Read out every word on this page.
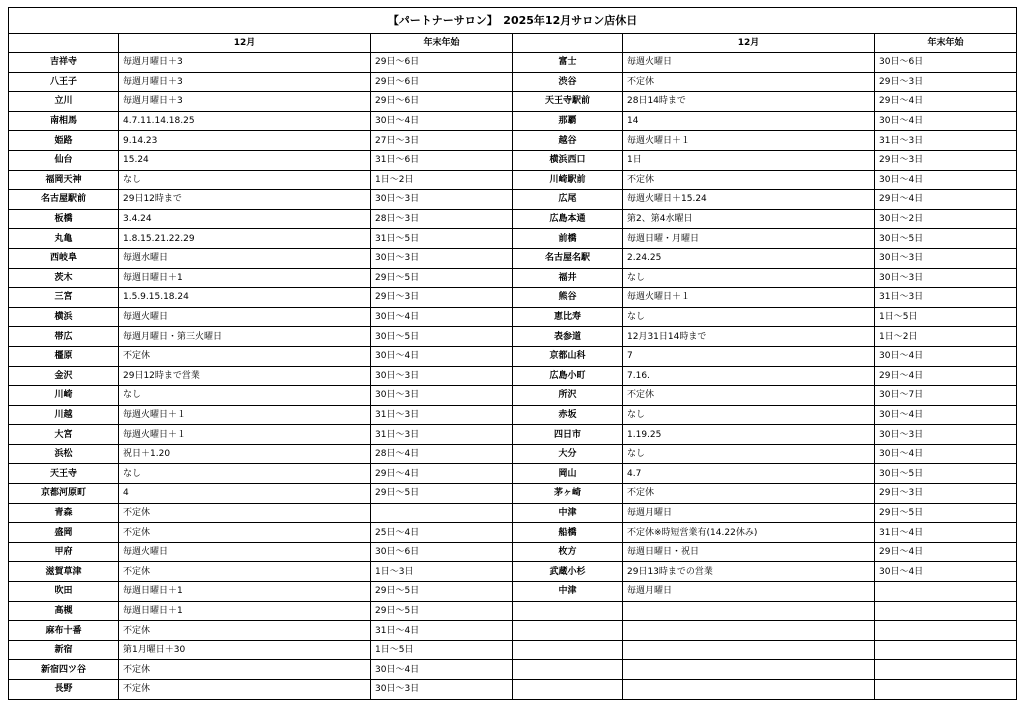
【パートナーサロン】　2025年12月サロン店休日					
	12月	年末年始		12月	年末年始
吉祥寺	毎週月曜日＋3	29日～6日	富士	毎週火曜日	30日～6日
八王子	毎週月曜日＋3	29日～6日	渋谷	不定休	29日～3日
立川	毎週月曜日＋3	29日～6日	天王寺駅前	28日14時まで	29日～4日
南相馬	4.7.11.14.18.25	30日～4日	那覇	14	30日～4日
姫路	9.14.23	27日～3日	越谷	毎週火曜日＋１	31日～3日
仙台	15.24	31日～6日	横浜西口	1日	29日～3日
福岡天神	なし	1日～2日	川崎駅前	不定休	30日～4日
名古屋駅前	29日12時まで	30日～3日	広尾	毎週火曜日＋15.24	29日～4日
板橋	3.4.24	28日～3日	広島本通	第2、第4水曜日	30日～2日
丸亀	1.8.15.21.22.29	31日～5日	前橋	毎週日曜・月曜日	30日～5日
西岐阜	毎週水曜日	30日～3日	名古屋名駅	2.24.25	30日～3日
茨木	毎週日曜日＋1	29日～5日	福井	なし	30日～3日
三宮	1.5.9.15.18.24	29日～3日	熊谷	毎週火曜日＋１	31日～3日
横浜	毎週火曜日	30日～4日	恵比寿	なし	1日～5日
帯広	毎週月曜日・第三火曜日	30日～5日	表参道	12月31日14時まで	1日～2日
橿原	不定休	30日～4日	京都山科	7	30日～4日
金沢	29日12時まで営業	30日～3日	広島小町	7.16.	29日～4日
川崎	なし	30日～3日	所沢	不定休	30日～7日
川越	毎週火曜日＋１	31日～3日	赤坂	なし	30日～4日
大宮	毎週火曜日＋１	31日～3日	四日市	1.19.25	30日～3日
浜松	祝日＋1.20	28日～4日	大分	なし	30日～4日
天王寺	なし	29日～4日	岡山	4.7	30日～5日
京都河原町	4	29日～5日	茅ヶ崎	不定休	29日～3日
青森	不定休		中津	毎週月曜日	29日～5日
盛岡	不定休	25日～4日	船橋	不定休※時短営業有(14.22休み)	31日～4日
甲府	毎週火曜日	30日～6日	枚方	毎週日曜日・祝日	29日～4日
滋賀草津	不定休	1日～3日	武蔵小杉	29日13時までの営業	30日～4日
吹田	毎週日曜日＋1	29日～5日	中津	毎週月曜日	
高槻	毎週日曜日＋1	29日～5日			
麻布十番	不定休	31日～4日			
新宿	第1月曜日＋30	1日～5日			
新宿四ツ谷	不定休	30日～4日			
長野	不定休	30日～3日			
